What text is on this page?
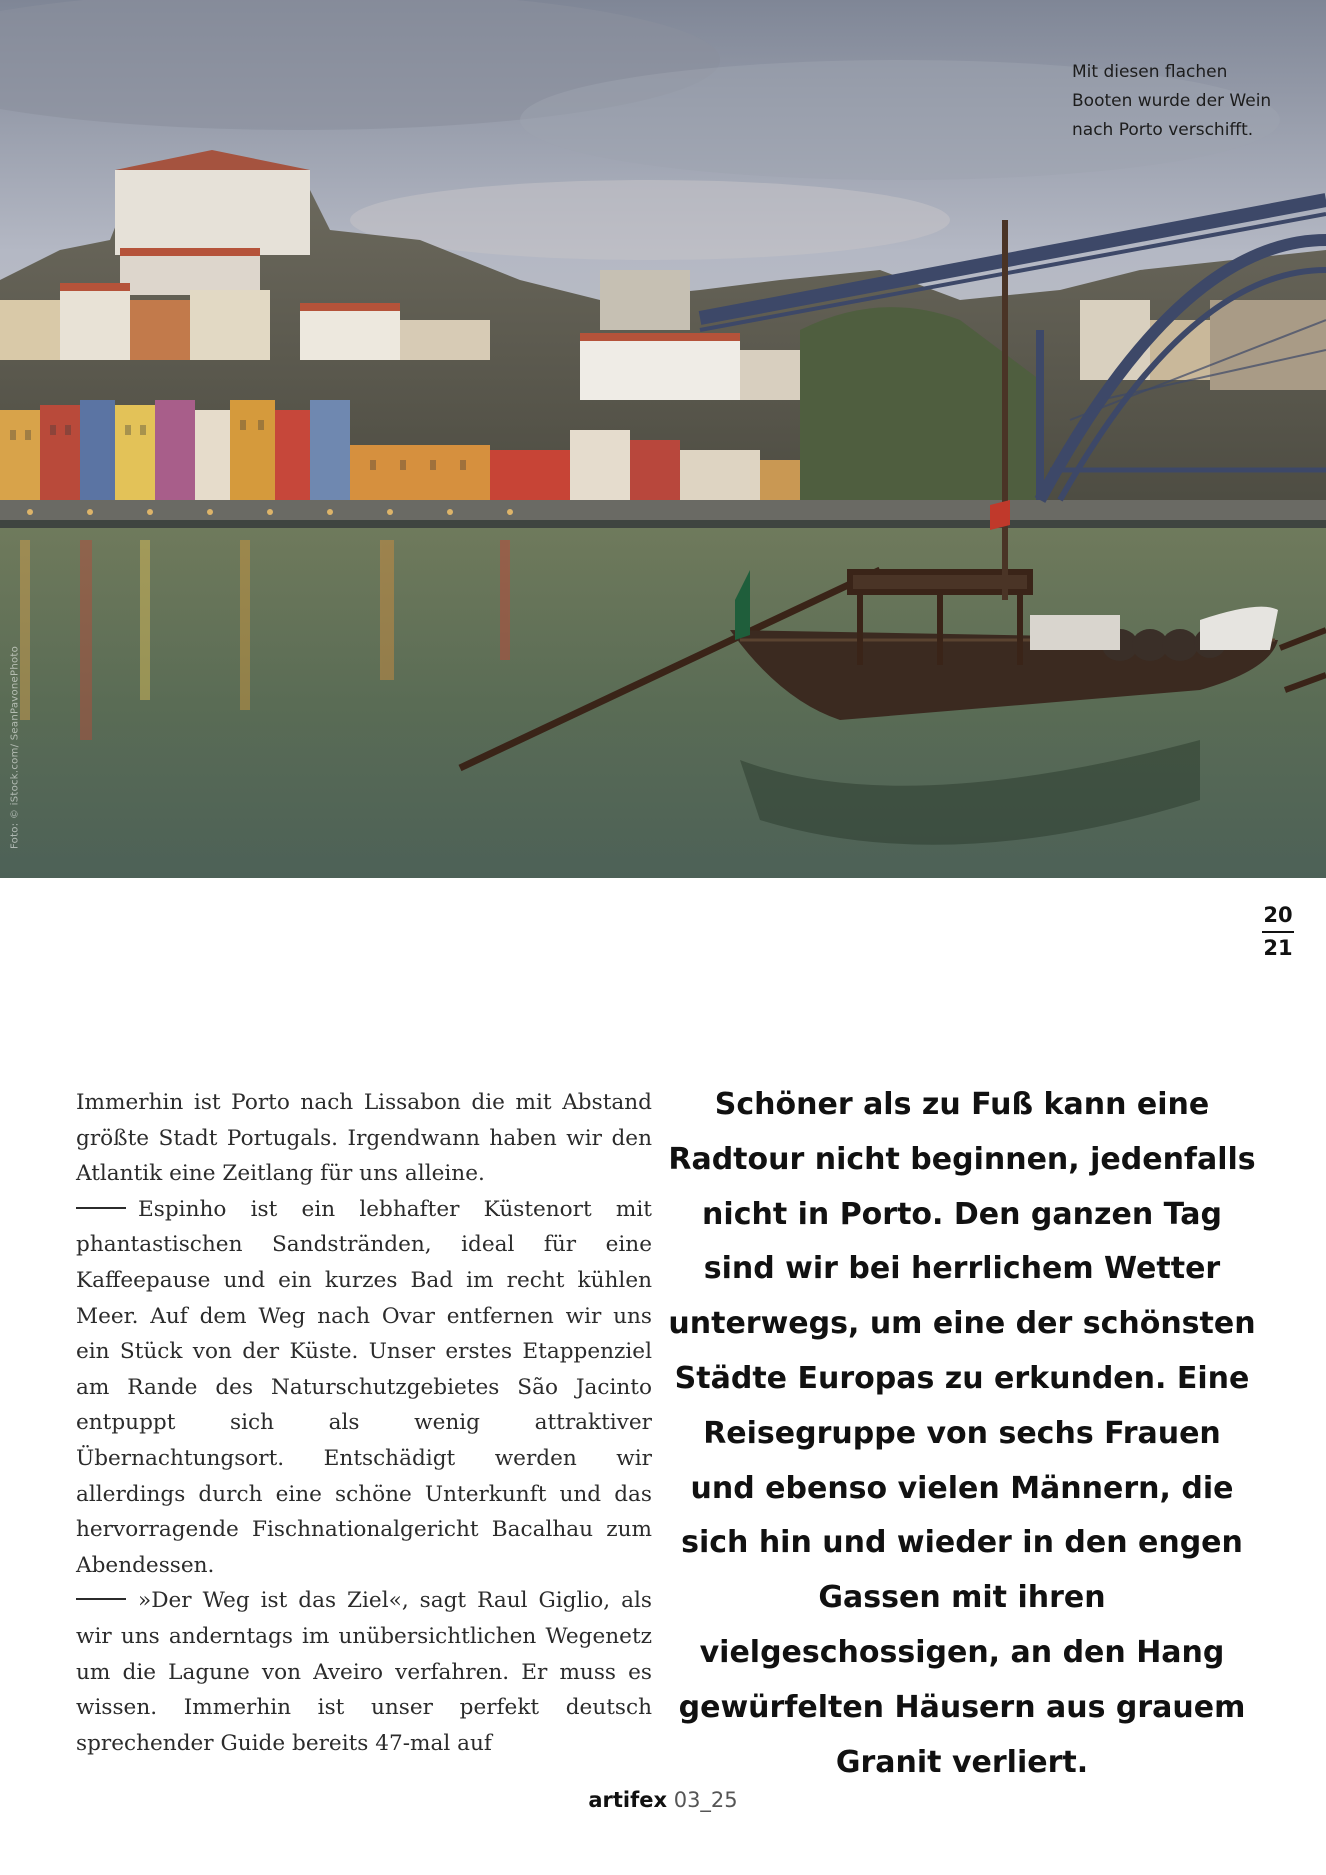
Mit diesen flachen Booten wurde der Wein nach Porto verschifft.
Foto: © iStock.com/ SeanPavonePhoto
20
21

Immerhin ist Porto nach Lissabon die mit Abstand größte Stadt Portugals. Irgendwann haben wir den Atlantik eine Zeitlang für uns alleine.

Espinho ist ein lebhafter Küstenort mit phantastischen Sandstränden, ideal für eine Kaffeepause und ein kurzes Bad im recht kühlen Meer. Auf dem Weg nach Ovar entfernen wir uns ein Stück von der Küste. Unser erstes Etappenziel am Rande des Naturschutzgebietes São Jacinto entpuppt sich als wenig attraktiver Übernachtungsort. Entschädigt werden wir allerdings durch eine schöne Unterkunft und das hervorragende Fischnationalgericht Bacalhau zum Abendessen.

»Der Weg ist das Ziel«, sagt Raul Giglio, als wir uns anderntags im unübersichtlichen Wegenetz um die Lagune von Aveiro verfahren. Er muss es wissen. Immerhin ist unser perfekt deutsch sprechender Guide bereits 47-mal auf

Schöner als zu Fuß kann eine Radtour nicht beginnen, jedenfalls nicht in Porto. Den ganzen Tag sind wir bei herrlichem Wetter unterwegs, um eine der schönsten Städte Europas zu erkunden. Eine Reisegruppe von sechs Frauen und ebenso vielen Männern, die sich hin und wieder in den engen Gassen mit ihren vielgeschossigen, an den Hang gewürfelten Häusern aus grauem Granit verliert.
artifex 03_25
